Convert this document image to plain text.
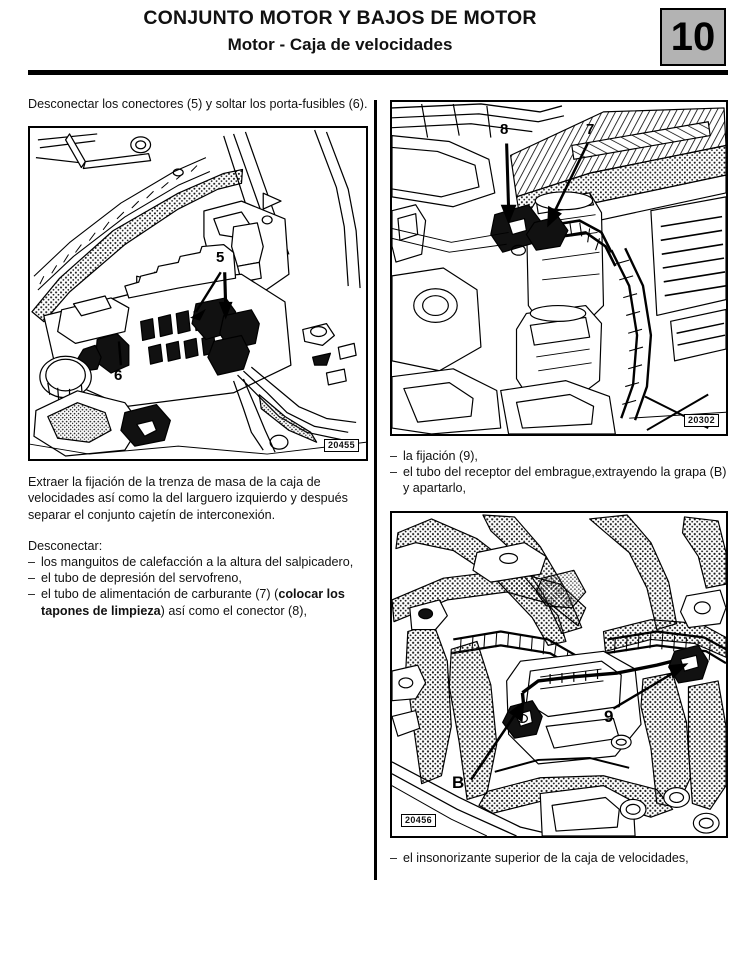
CONJUNTO MOTOR Y BAJOS DE MOTOR
Motor - Caja de velocidades	10

Desconectar los conectores (5) y soltar los porta-fusibles (6).

5
6
20455

Extraer la fijación de la trenza de masa de la caja de velocidades así como la del larguero izquierdo y después separar el conjunto cajetín de interconexión.

Desconectar:

– los manguitos de calefacción a la altura del salpicadero,
– el tubo de depresión del servofreno,
– el tubo de alimentación de carburante (7) (colocar los tapones de limpieza) así como el conector (8),
8	7
20302
– la fijación (9),
– el tubo del receptor del embrague,extrayendo la grapa (B) y apartarlo,
B
9
20456
– el insonorizante superior de la caja de velocidades,
